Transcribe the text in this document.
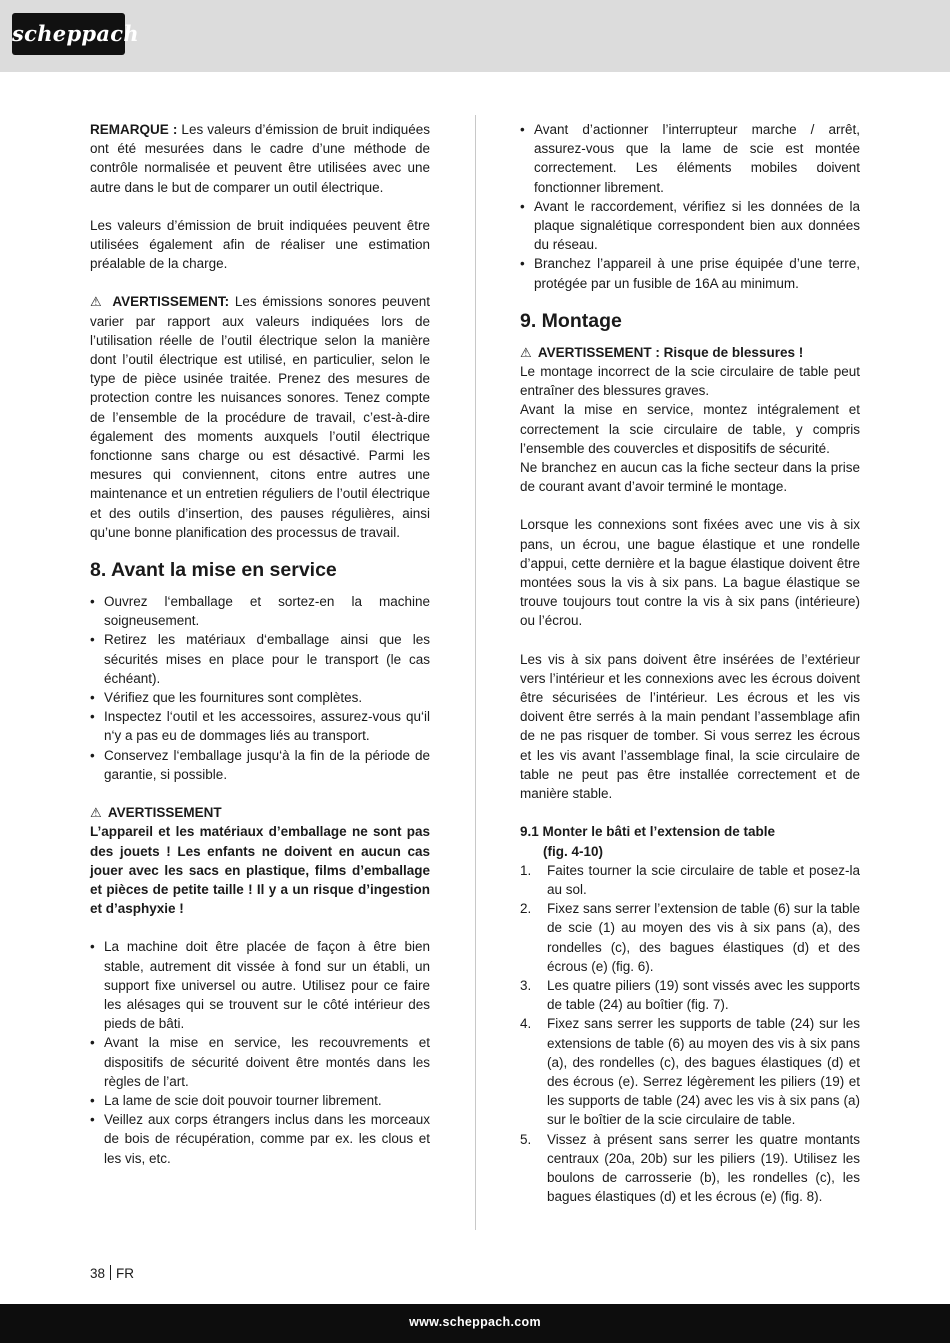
scheppach

REMARQUE : Les valeurs d’émission de bruit indiquées ont été mesurées dans le cadre d’une méthode de contrôle normalisée et peuvent être utilisées avec une autre dans le but de comparer un outil électrique.

Les valeurs d’émission de bruit indiquées peuvent être utilisées également afin de réaliser une estimation préalable de la charge.

⚠ AVERTISSEMENT: Les émissions sonores peuvent varier par rapport aux valeurs indiquées lors de l’utilisation réelle de l’outil électrique selon la manière dont l’outil électrique est utilisé, en particulier, selon le type de pièce usinée traitée. Prenez des mesures de protection contre les nuisances sonores. Tenez compte de l’ensemble de la procédure de travail, c’est-à-dire également des moments auxquels l’outil électrique fonctionne sans charge ou est désactivé. Parmi les mesures qui conviennent, citons entre autres une maintenance et un entretien réguliers de l’outil électrique et des outils d’insertion, des pauses régulières, ainsi qu’une bonne planification des processus de travail.

8. Avant la mise en service
• Ouvrez l‘emballage et sortez-en la machine soigneusement.
• Retirez les matériaux d‘emballage ainsi que les sécurités mises en place pour le transport (le cas échéant).
• Vérifiez que les fournitures sont complètes.
• Inspectez l‘outil et les accessoires, assurez-vous qu‘il n‘y a pas eu de dommages liés au transport.
• Conservez l‘emballage jusqu‘à la fin de la période de garantie, si possible.

⚠ AVERTISSEMENT

L’appareil et les matériaux d’emballage ne sont pas des jouets ! Les enfants ne doivent en aucun cas jouer avec les sacs en plastique, films d’emballage et pièces de petite taille ! Il y a un risque d’ingestion et d’asphyxie !

• La machine doit être placée de façon à être bien stable, autrement dit vissée à fond sur un établi, un support fixe universel ou autre. Utilisez pour ce faire les alésages qui se trouvent sur le côté intérieur des pieds de bâti.
• Avant la mise en service, les recouvrements et dispositifs de sécurité doivent être montés dans les règles de l’art.
• La lame de scie doit pouvoir tourner librement.
• Veillez aux corps étrangers inclus dans les morceaux de bois de récupération, comme par ex. les clous et les vis, etc.
• Avant d’actionner l’interrupteur marche / arrêt, assurez-vous que la lame de scie est montée correctement. Les éléments mobiles doivent fonctionner librement.
• Avant le raccordement, vérifiez si les données de la plaque signalétique correspondent bien aux données du réseau.
• Branchez l’appareil à une prise équipée d’une terre, protégée par un fusible de 16A au minimum.
9. Montage

⚠ AVERTISSEMENT : Risque de blessures !

Le montage incorrect de la scie circulaire de table peut entraîner des blessures graves.

Avant la mise en service, montez intégralement et correctement la scie circulaire de table, y compris l’ensemble des couvercles et dispositifs de sécurité.

Ne branchez en aucun cas la fiche secteur dans la prise de courant avant d’avoir terminé le montage.

Lorsque les connexions sont fixées avec une vis à six pans, un écrou, une bague élastique et une rondelle d’appui, cette dernière et la bague élastique doivent être montées sous la vis à six pans. La bague élastique se trouve toujours tout contre la vis à six pans (intérieure) ou l’écrou.

Les vis à six pans doivent être insérées de l’extérieur vers l’intérieur et les connexions avec les écrous doivent être sécurisées de l’intérieur. Les écrous et les vis doivent être serrés à la main pendant l’assemblage afin de ne pas risquer de tomber. Si vous serrez les écrous et les vis avant l’assemblage final, la scie circulaire de table ne peut pas être installée correctement et de manière stable.

9.1 Monter le bâti et l’extension de table
(fig. 4-10)
1. Faites tourner la scie circulaire de table et posez-la au sol.
2. Fixez sans serrer l’extension de table (6) sur la table de scie (1) au moyen des vis à six pans (a), des rondelles (c), des bagues élastiques (d) et des écrous (e) (fig. 6).
3. Les quatre piliers (19) sont vissés avec les supports de table (24) au boîtier (fig. 7).
4. Fixez sans serrer les supports de table (24) sur les extensions de table (6) au moyen des vis à six pans (a), des rondelles (c), des bagues élastiques (d) et des écrous (e). Serrez légèrement les piliers (19) et les supports de table (24) avec les vis à six pans (a) sur le boîtier de la scie circulaire de table.
5. Vissez à présent sans serrer les quatre montants centraux (20a, 20b) sur les piliers (19). Utilisez les boulons de carrosserie (b), les rondelles (c), les bagues élastiques (d) et les écrous (e) (fig. 8).
38 FR
www.scheppach.com
